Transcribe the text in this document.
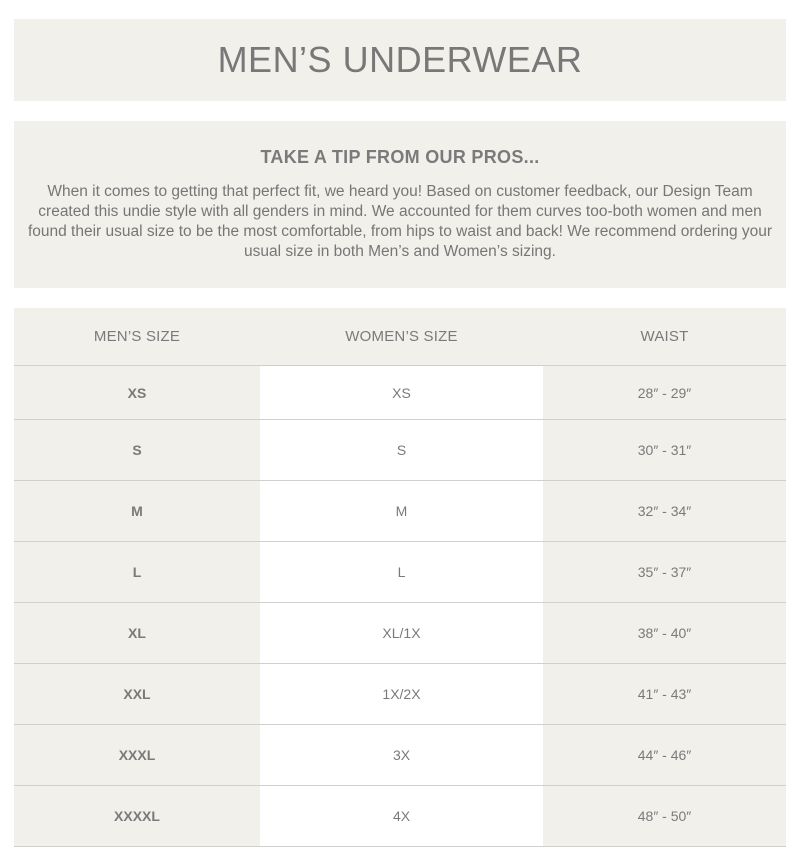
MEN’S UNDERWEAR
TAKE A TIP FROM OUR PROS...

When it comes to getting that perfect fit, we heard you! Based on customer feedback, our Design Team created this undie style with all genders in mind. We accounted for them curves too-both women and men found their usual size to be the most comfortable, from hips to waist and back! We recommend ordering your usual size in both Men’s and Women’s sizing.

MEN’S SIZE	WOMEN’S SIZE	WAIST
XS	XS	28″ - 29″
S	S	30″ - 31″
M	M	32″ - 34″
L	L	35″ - 37″
XL	XL/1X	38″ - 40″
XXL	1X/2X	41″ - 43″
XXXL	3X	44″ - 46″
XXXXL	4X	48″ - 50″
